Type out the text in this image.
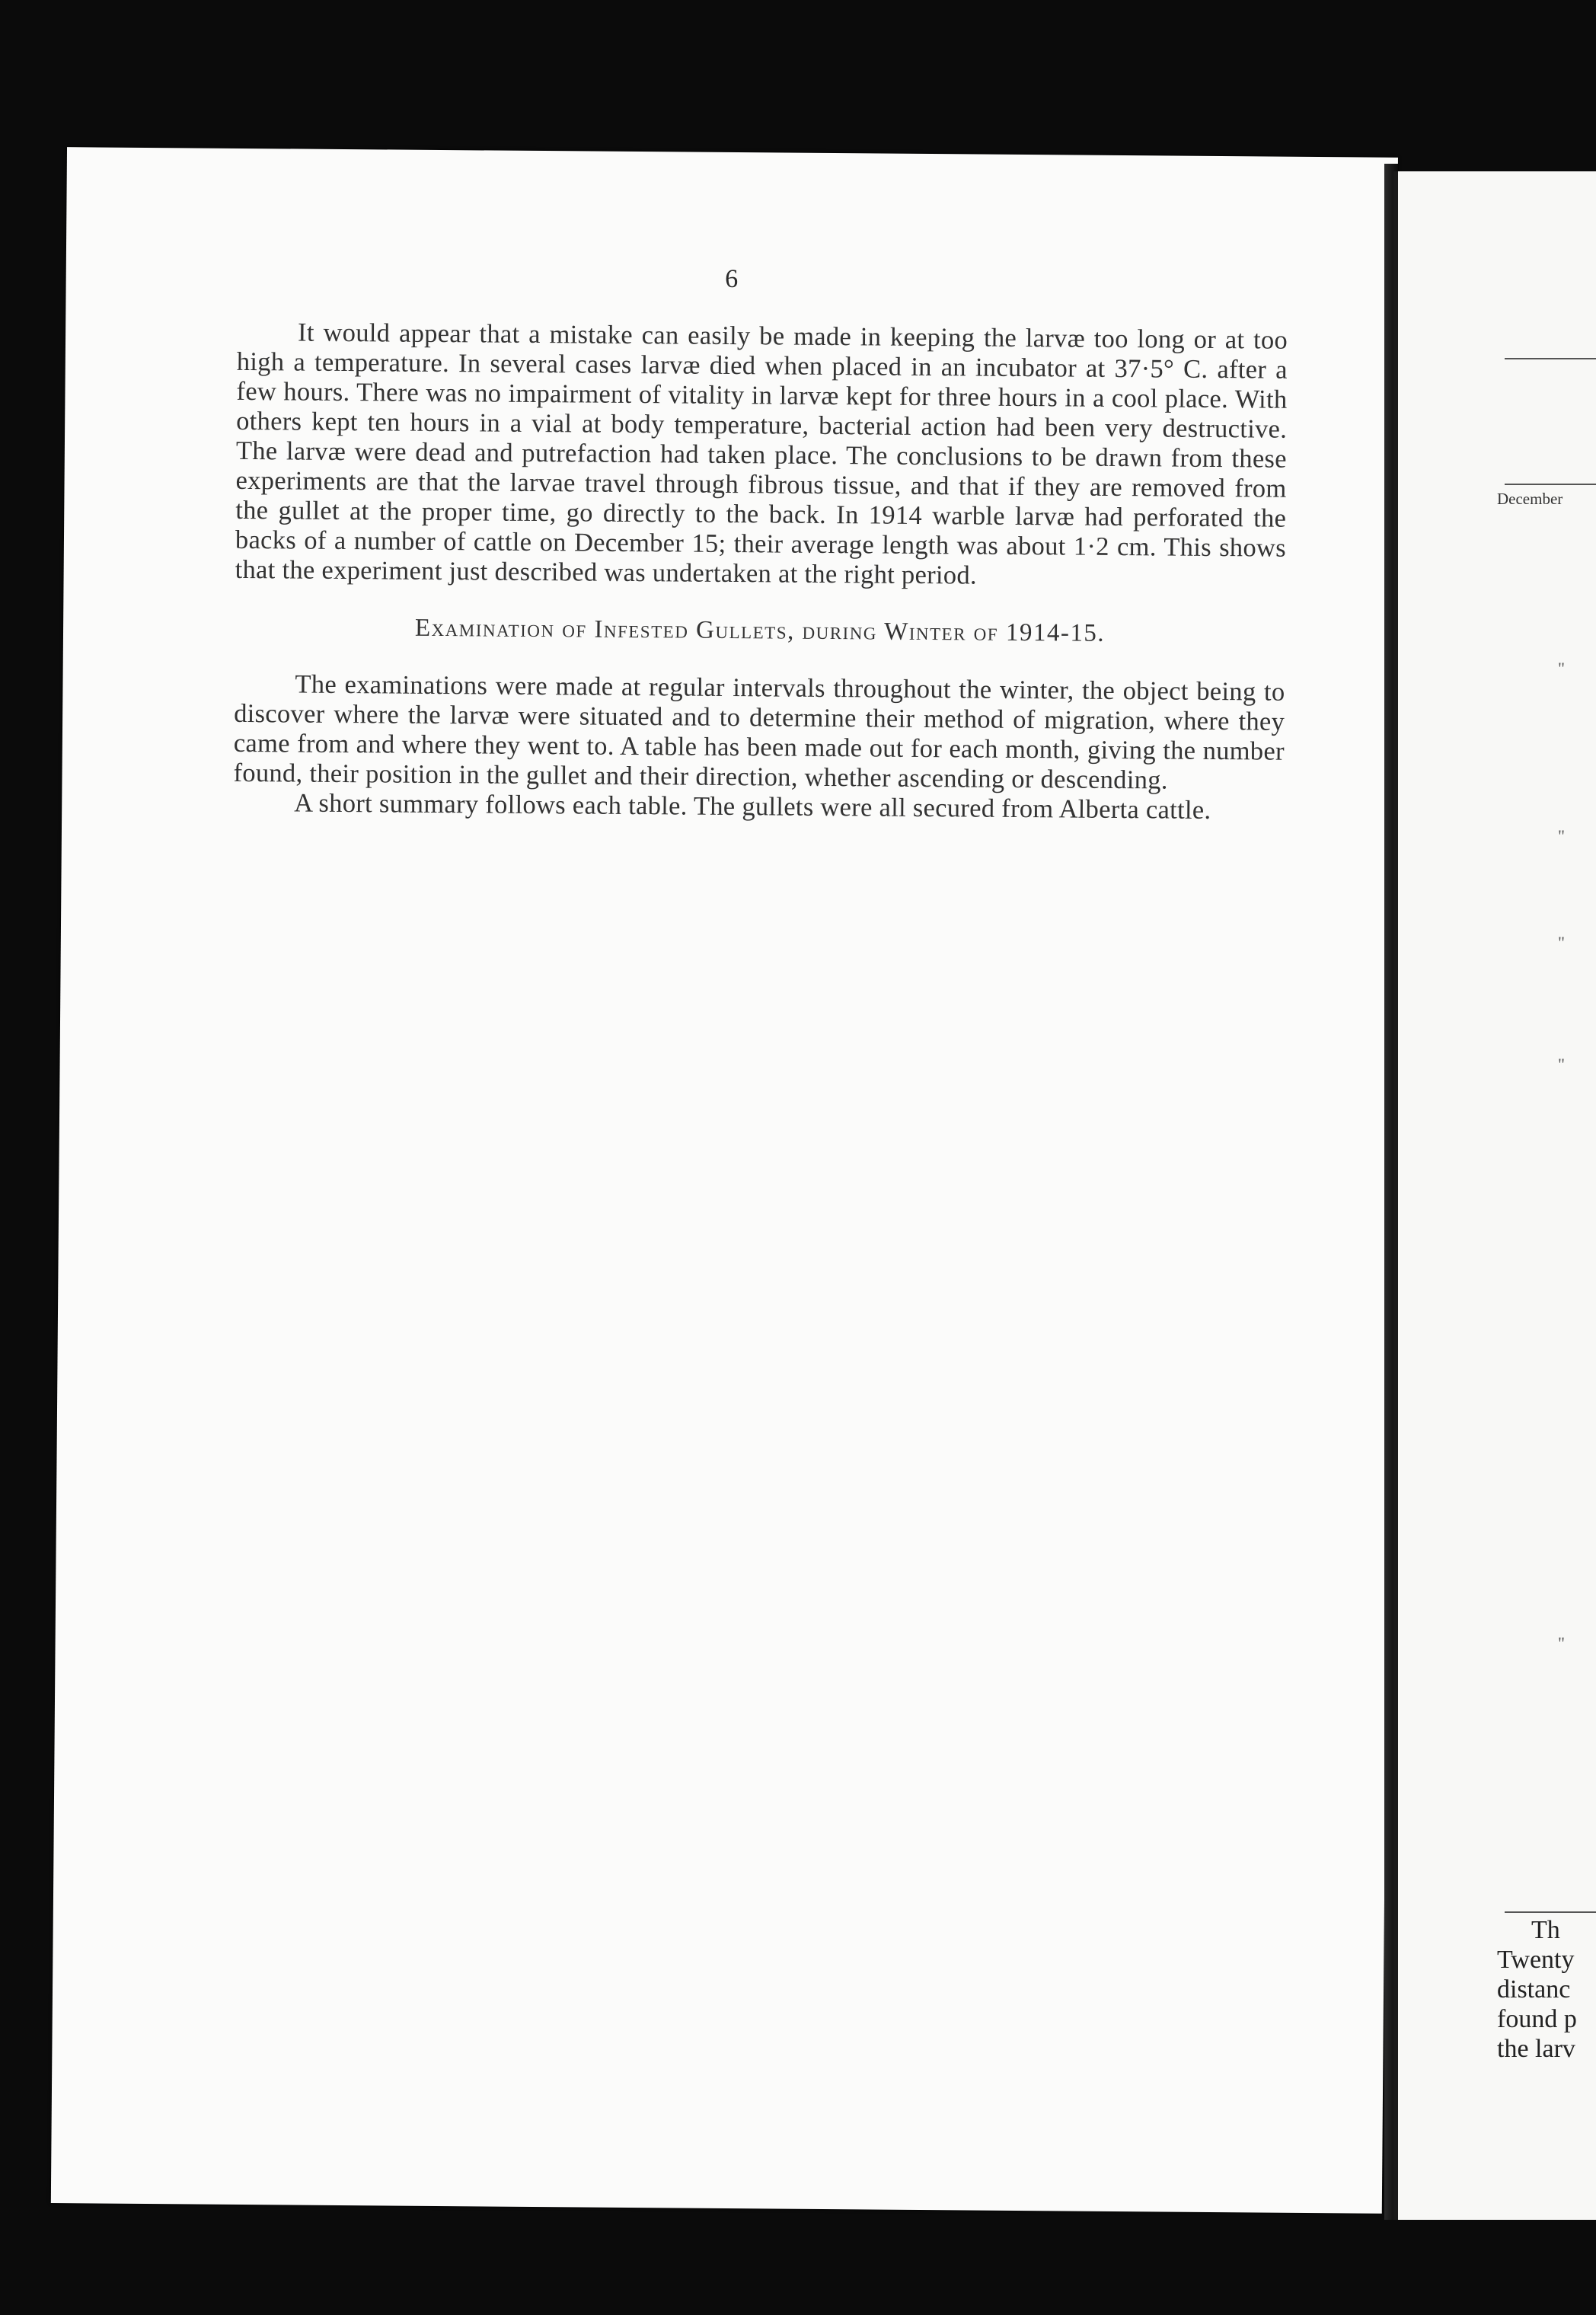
6

It would appear that a mistake can easily be made in keeping the larvæ too long or at too high a temperature. In several cases larvæ died when placed in an incubator at 37·5° C. after a few hours. There was no impairment of vitality in larvæ kept for three hours in a cool place. With others kept ten hours in a vial at body temperature, bacterial action had been very destructive. The larvæ were dead and putrefaction had taken place. The conclusions to be drawn from these experiments are that the larvae travel through fibrous tissue, and that if they are removed from the gullet at the proper time, go directly to the back. In 1914 warble larvæ had perforated the backs of a number of cattle on December 15; their average length was about 1·2 cm. This shows that the experiment just described was undertaken at the right period.

Examination of Infested Gullets, during Winter of 1914-15.

The examinations were made at regular intervals throughout the winter, the object being to discover where the larvæ were situated and to determine their method of migration, where they came from and where they went to. A table has been made out for each month, giving the number found, their position in the gullet and their direction, whether ascending or descending.

A short summary follows each table. The gullets were all secured from Alberta cattle.

December
"
"
"
"
"
Th
Twenty
distanc
found p
the larv
